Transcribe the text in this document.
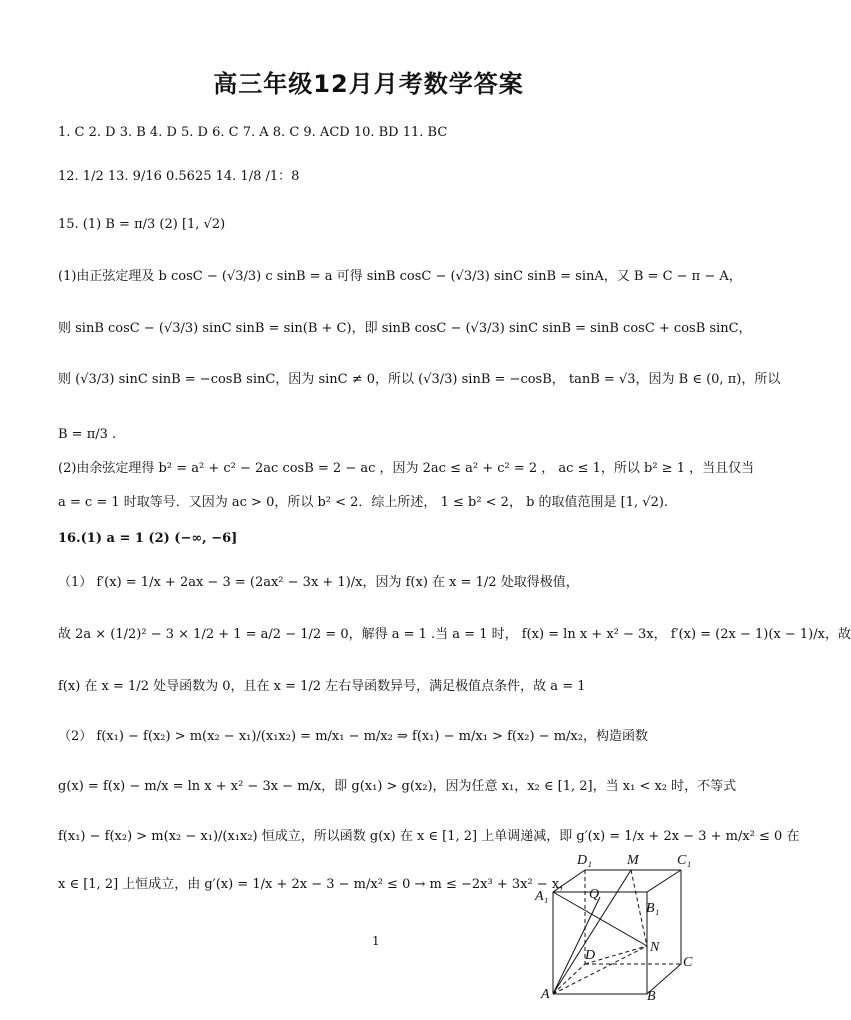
高三年级12月月考数学答案
1. C 2. D 3. B 4. D 5. D 6. C 7. A 8. C 9. ACD 10. BD 11. BC
12. 1/2 13. 9/16 0.5625 14. 1/8 /1：8
15. (1) B = π/3 (2) [1, √2)
(1)由正弦定理及 b cosC − (√3/3) c sinB = a 可得 sinB cosC − (√3/3) sinC sinB = sinA，又 B = C − π − A，
则 sinB cosC − (√3/3) sinC sinB = sin(B + C)，即 sinB cosC − (√3/3) sinC sinB = sinB cosC + cosB sinC，
则 (√3/3) sinC sinB = −cosB sinC，因为 sinC ≠ 0，所以 (√3/3) sinB = −cosB， tanB = √3，因为 B ∈ (0, π)，所以
B = π/3 .
(2)由余弦定理得 b² = a² + c² − 2ac cosB = 2 − ac ，因为 2ac ≤ a² + c² = 2 ， ac ≤ 1，所以 b² ≥ 1 ，当且仅当
a = c = 1 时取等号．又因为 ac > 0，所以 b² < 2．综上所述， 1 ≤ b² < 2， b 的取值范围是 [1, √2).
16.(1) a = 1 (2) (−∞, −6]
（1） f′(x) = 1/x + 2ax − 3 = (2ax² − 3x + 1)/x，因为 f(x) 在 x = 1/2 处取得极值，
故 2a × (1/2)² − 3 × 1/2 + 1 = a/2 − 1/2 = 0，解得 a = 1 .当 a = 1 时， f(x) = ln x + x² − 3x， f′(x) = (2x − 1)(x − 1)/x，故
f(x) 在 x = 1/2 处导函数为 0，且在 x = 1/2 左右导函数异号，满足极值点条件，故 a = 1
（2） f(x₁) − f(x₂) > m(x₂ − x₁)/(x₁x₂) = m/x₁ − m/x₂ ⇒ f(x₁) − m/x₁ > f(x₂) − m/x₂，构造函数
g(x) = f(x) − m/x = ln x + x² − 3x − m/x，即 g(x₁) > g(x₂)，因为任意 x₁，x₂ ∈ [1, 2]，当 x₁ < x₂ 时，不等式
f(x₁) − f(x₂) > m(x₂ − x₁)/(x₁x₂) 恒成立，所以函数 g(x) 在 x ∈ [1, 2] 上单调递减，即 g′(x) = 1/x + 2x − 3 + m/x² ≤ 0 在
x ∈ [1, 2] 上恒成立，由 g′(x) = 1/x + 2x − 3 − m/x² ≤ 0 → m ≤ −2x³ + 3x² − x，
1
D₁	M	C₁
A₁	Q
B₁
N
D	C
A	B
